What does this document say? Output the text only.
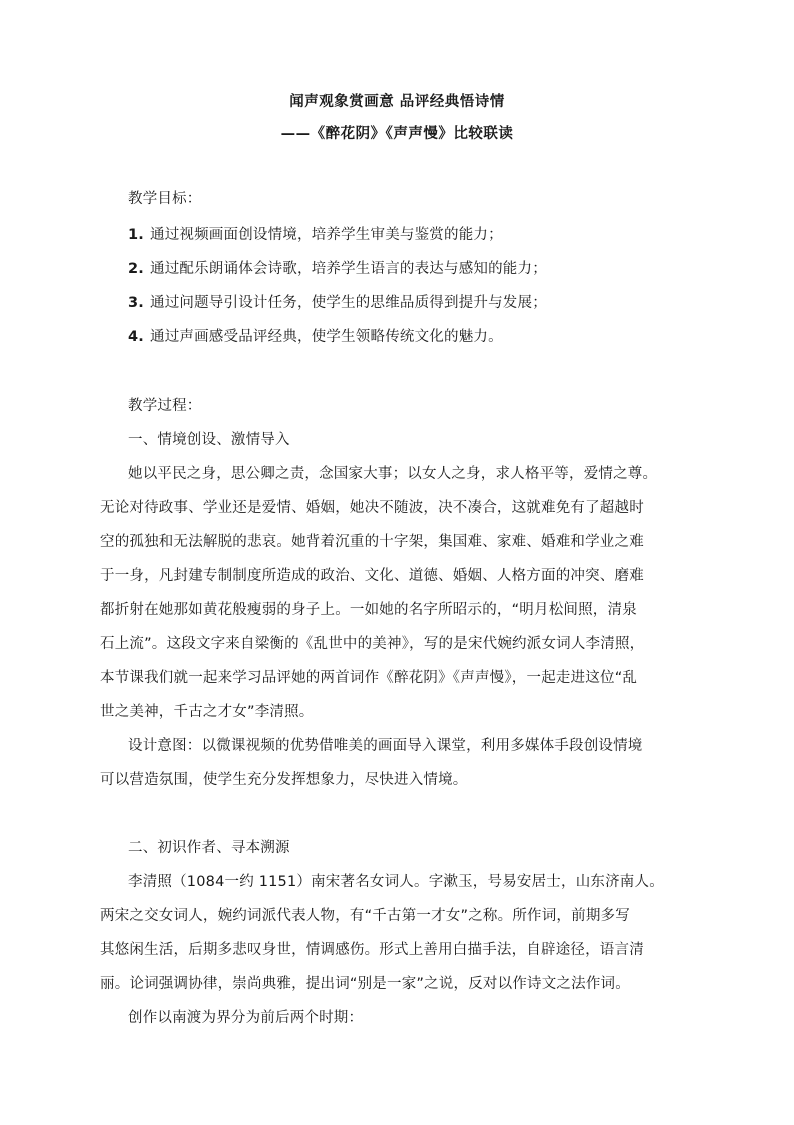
闻声观象赏画意 品评经典悟诗情
——《醉花阴》《声声慢》比较联读
教学目标：
1. 通过视频画面创设情境，培养学生审美与鉴赏的能力；
2. 通过配乐朗诵体会诗歌，培养学生语言的表达与感知的能力；
3. 通过问题导引设计任务，使学生的思维品质得到提升与发展；
4. 通过声画感受品评经典，使学生领略传统文化的魅力。
教学过程：
一、情境创设、激情导入
她以平民之身，思公卿之责，念国家大事；以女人之身，求人格平等，爱情之尊。
无论对待政事、学业还是爱情、婚姻，她决不随波，决不凑合，这就难免有了超越时
空的孤独和无法解脱的悲哀。她背着沉重的十字架，集国难、家难、婚难和学业之难
于一身，凡封建专制制度所造成的政治、文化、道德、婚姻、人格方面的冲突、磨难
都折射在她那如黄花般瘦弱的身子上。一如她的名字所昭示的，“明月松间照，清泉
石上流”。这段文字来自梁衡的《乱世中的美神》，写的是宋代婉约派女词人李清照，
本节课我们就一起来学习品评她的两首词作《醉花阴》《声声慢》，一起走进这位“乱
世之美神，千古之才女”李清照。
设计意图：以微课视频的优势借唯美的画面导入课堂，利用多媒体手段创设情境
可以营造氛围，使学生充分发挥想象力，尽快进入情境。
二、初识作者、寻本溯源
李清照（1084一约 1151）南宋著名女词人。字漱玉，号易安居士，山东济南人。
两宋之交女词人，婉约词派代表人物，有“千古第一才女”之称。所作词，前期多写
其悠闲生活，后期多悲叹身世，情调感伤。形式上善用白描手法，自辟途径，语言清
丽。论词强调协律，崇尚典雅，提出词“别是一家”之说，反对以作诗文之法作词。
创作以南渡为界分为前后两个时期：
